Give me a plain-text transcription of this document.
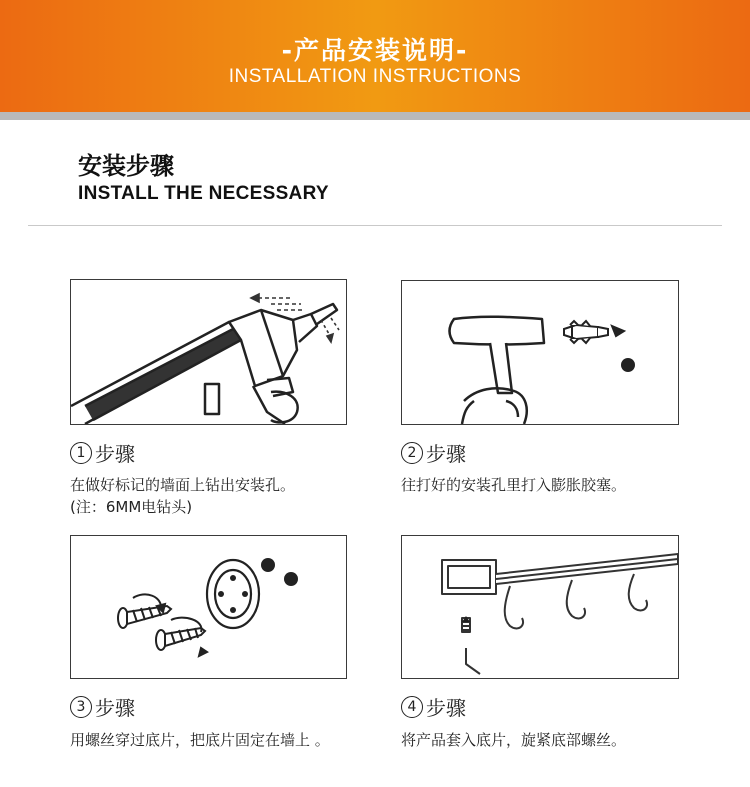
-产品安装说明-
INSTALLATION INSTRUCTIONS
安装步骤
INSTALL THE NECESSARY
1 步骤
在做好标记的墙面上钻出安装孔。
(注：6MM电钻头)
2 步骤
往打好的安装孔里打入膨胀胶塞。
3 步骤
用螺丝穿过底片，把底片固定在墙上 。
4 步骤
将产品套入底片，旋紧底部螺丝。
